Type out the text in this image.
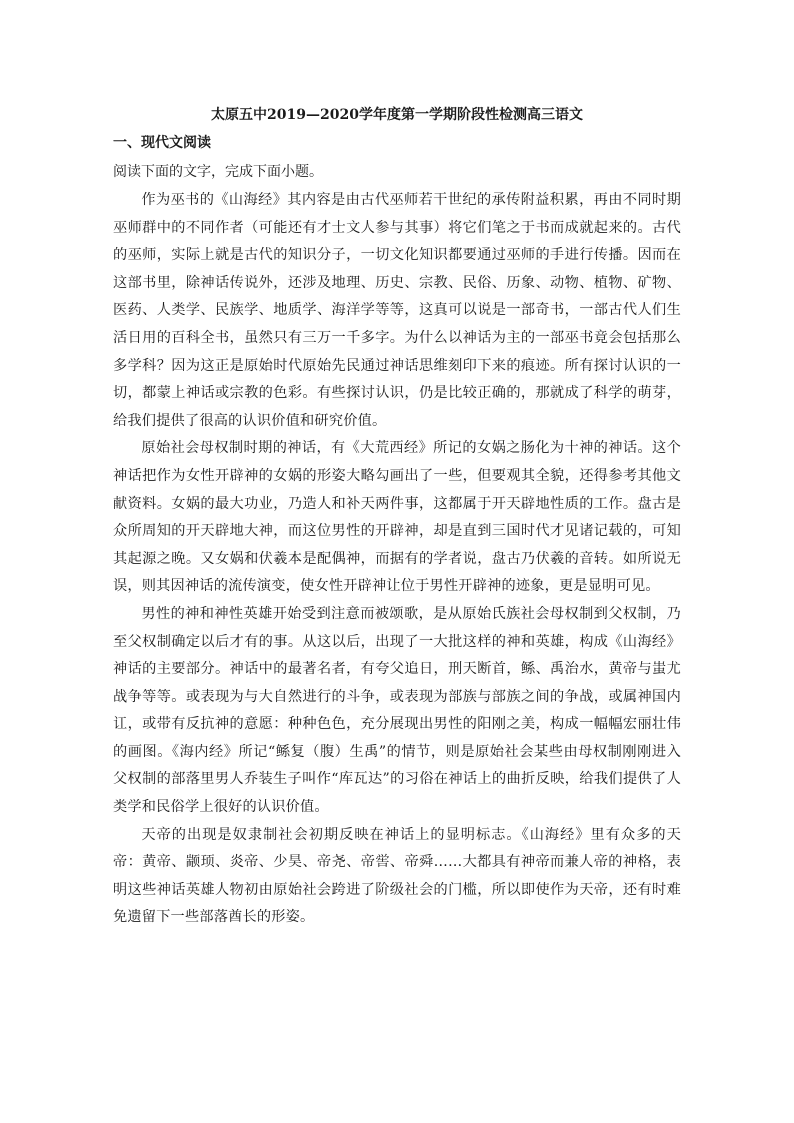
太原五中2019—2020学年度第一学期阶段性检测高三语文
一、现代文阅读
阅读下面的文字，完成下面小题。

作为巫书的《山海经》其内容是由古代巫师若干世纪的承传附益积累，再由不同时期巫师群中的不同作者（可能还有才士文人参与其事）将它们笔之于书而成就起来的。古代的巫师，实际上就是古代的知识分子，一切文化知识都要通过巫师的手进行传播。因而在这部书里，除神话传说外，还涉及地理、历史、宗教、民俗、历象、动物、植物、矿物、医药、人类学、民族学、地质学、海洋学等等，这真可以说是一部奇书，一部古代人们生活日用的百科全书，虽然只有三万一千多字。为什么以神话为主的一部巫书竟会包括那么多学科？因为这正是原始时代原始先民通过神话思维刻印下来的痕迹。所有探讨认识的一切，都蒙上神话或宗教的色彩。有些探讨认识，仍是比较正确的，那就成了科学的萌芽，给我们提供了很高的认识价值和研究价值。

原始社会母权制时期的神话，有《大荒西经》所记的女娲之肠化为十神的神话。这个神话把作为女性开辟神的女娲的形姿大略勾画出了一些，但要观其全貌，还得参考其他文献资料。女娲的最大功业，乃造人和补天两件事，这都属于开天辟地性质的工作。盘古是众所周知的开天辟地大神，而这位男性的开辟神，却是直到三国时代才见诸记载的，可知其起源之晚。又女娲和伏羲本是配偶神，而据有的学者说，盘古乃伏羲的音转。如所说无误，则其因神话的流传演变，使女性开辟神让位于男性开辟神的迹象，更是显明可见。

男性的神和神性英雄开始受到注意而被颂歌，是从原始氏族社会母权制到父权制，乃至父权制确定以后才有的事。从这以后，出现了一大批这样的神和英雄，构成《山海经》神话的主要部分。神话中的最著名者，有夸父追日，刑天断首，鲧、禹治水，黄帝与蚩尤战争等等。或表现为与大自然进行的斗争，或表现为部族与部族之间的争战，或属神国内讧，或带有反抗神的意愿：种种色色，充分展现出男性的阳刚之美，构成一幅幅宏丽壮伟的画图。《海内经》所记“鲧复（腹）生禹”的情节，则是原始社会某些由母权制刚刚进入父权制的部落里男人乔装生子叫作“库瓦达”的习俗在神话上的曲折反映，给我们提供了人类学和民俗学上很好的认识价值。

天帝的出现是奴隶制社会初期反映在神话上的显明标志。《山海经》里有众多的天帝：黄帝、颛顼、炎帝、少昊、帝尧、帝喾、帝舜……大都具有神帝而兼人帝的神格，表明这些神话英雄人物初由原始社会跨进了阶级社会的门槛，所以即使作为天帝，还有时难免遗留下一些部落酋长的形姿。
